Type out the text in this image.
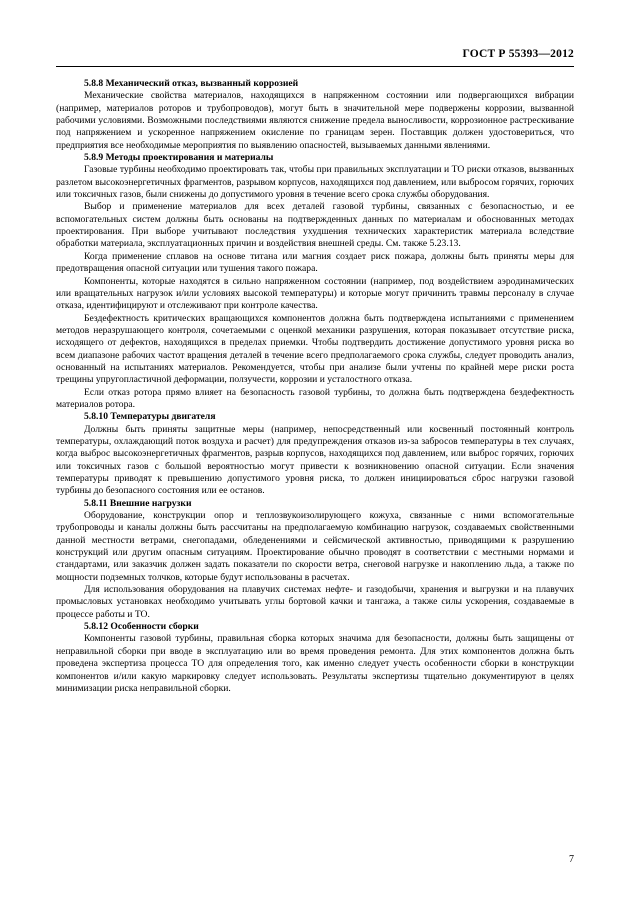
ГОСТ Р 55393—2012
5.8.8 Механический отказ, вызванный коррозией

Механические свойства материалов, находящихся в напряженном состоянии или подвергающихся вибрации (например, материалов роторов и трубопроводов), могут быть в значительной мере подвержены коррозии, вызванной рабочими условиями. Возможными последствиями являются снижение предела выносливости, коррозионное растрескивание под напряжением и ускоренное напряжением окисление по границам зерен. Поставщик должен удостовериться, что предприятия все необходимые мероприятия по выявлению опасностей, вызываемых данными явлениями.

5.8.9 Методы проектирования и материалы

Газовые турбины необходимо проектировать так, чтобы при правильных эксплуатации и ТО риски отказов, вызванных разлетом высокоэнергетичных фрагментов, разрывом корпусов, находящихся под давлением, или выбросом горячих, горючих или токсичных газов, были снижены до допустимого уровня в течение всего срока службы оборудования.

Выбор и применение материалов для всех деталей газовой турбины, связанных с безопасностью, и ее вспомогательных систем должны быть основаны на подтвержденных данных по материалам и обоснованных методах проектирования. При выборе учитывают последствия ухудшения технических характеристик материала вследствие обработки материала, эксплуатационных причин и воздействия внешней среды. См. также 5.23.13.

Когда применение сплавов на основе титана или магния создает риск пожара, должны быть приняты меры для предотвращения опасной ситуации или тушения такого пожара.

Компоненты, которые находятся в сильно напряженном состоянии (например, под воздействием аэродинамических или вращательных нагрузок и/или условиях высокой температуры) и которые могут причинить травмы персоналу в случае отказа, идентифицируют и отслеживают при контроле качества.

Бездефектность критических вращающихся компонентов должна быть подтверждена испытаниями с применением методов неразрушающего контроля, сочетаемыми с оценкой механики разрушения, которая показывает отсутствие риска, исходящего от дефектов, находящихся в пределах приемки. Чтобы подтвердить достижение допустимого уровня риска во всем диапазоне рабочих частот вращения деталей в течение всего предполагаемого срока службы, следует проводить анализ, основанный на испытаниях материалов. Рекомендуется, чтобы при анализе были учтены по крайней мере риски роста трещины упругопластичной деформации, ползучести, коррозии и усталостного отказа.

Если отказ ротора прямо влияет на безопасность газовой турбины, то должна быть подтверждена бездефектность материалов ротора.

5.8.10 Температуры двигателя

Должны быть приняты защитные меры (например, непосредственный или косвенный постоянный контроль температуры, охлаждающий поток воздуха и расчет) для предупреждения отказов из-за забросов температуры в тех случаях, когда выброс высокоэнергетичных фрагментов, разрыв корпусов, находящихся под давлением, или выброс горячих, горючих или токсичных газов с большой вероятностью могут привести к возникновению опасной ситуации. Если значения температуры приводят к превышению допустимого уровня риска, то должен инициироваться сброс нагрузки газовой турбины до безопасного состояния или ее останов.

5.8.11 Внешние нагрузки

Оборудование, конструкции опор и теплозвукоизолирующего кожуха, связанные с ними вспомогательные трубопроводы и каналы должны быть рассчитаны на предполагаемую комбинацию нагрузок, создаваемых свойственными данной местности ветрами, снегопадами, обледенениями и сейсмической активностью, приводящими к разрушению конструкций или другим опасным ситуациям. Проектирование обычно проводят в соответствии с местными нормами и стандартами, или заказчик должен задать показатели по скорости ветра, снеговой нагрузке и накоплению льда, а также по мощности подземных толчков, которые будут использованы в расчетах.

Для использования оборудования на плавучих системах нефте- и газодобычи, хранения и выгрузки и на плавучих промысловых установках необходимо учитывать углы бортовой качки и тангажа, а также силы ускорения, создаваемые в процессе работы и ТО.

5.8.12 Особенности сборки

Компоненты газовой турбины, правильная сборка которых значима для безопасности, должны быть защищены от неправильной сборки при вводе в эксплуатацию или во время проведения ремонта. Для этих компонентов должна быть проведена экспертиза процесса ТО для определения того, как именно следует учесть особенности сборки в конструкции компонентов и/или какую маркировку следует использовать. Результаты экспертизы тщательно документируют в целях минимизации риска неправильной сборки.

7
